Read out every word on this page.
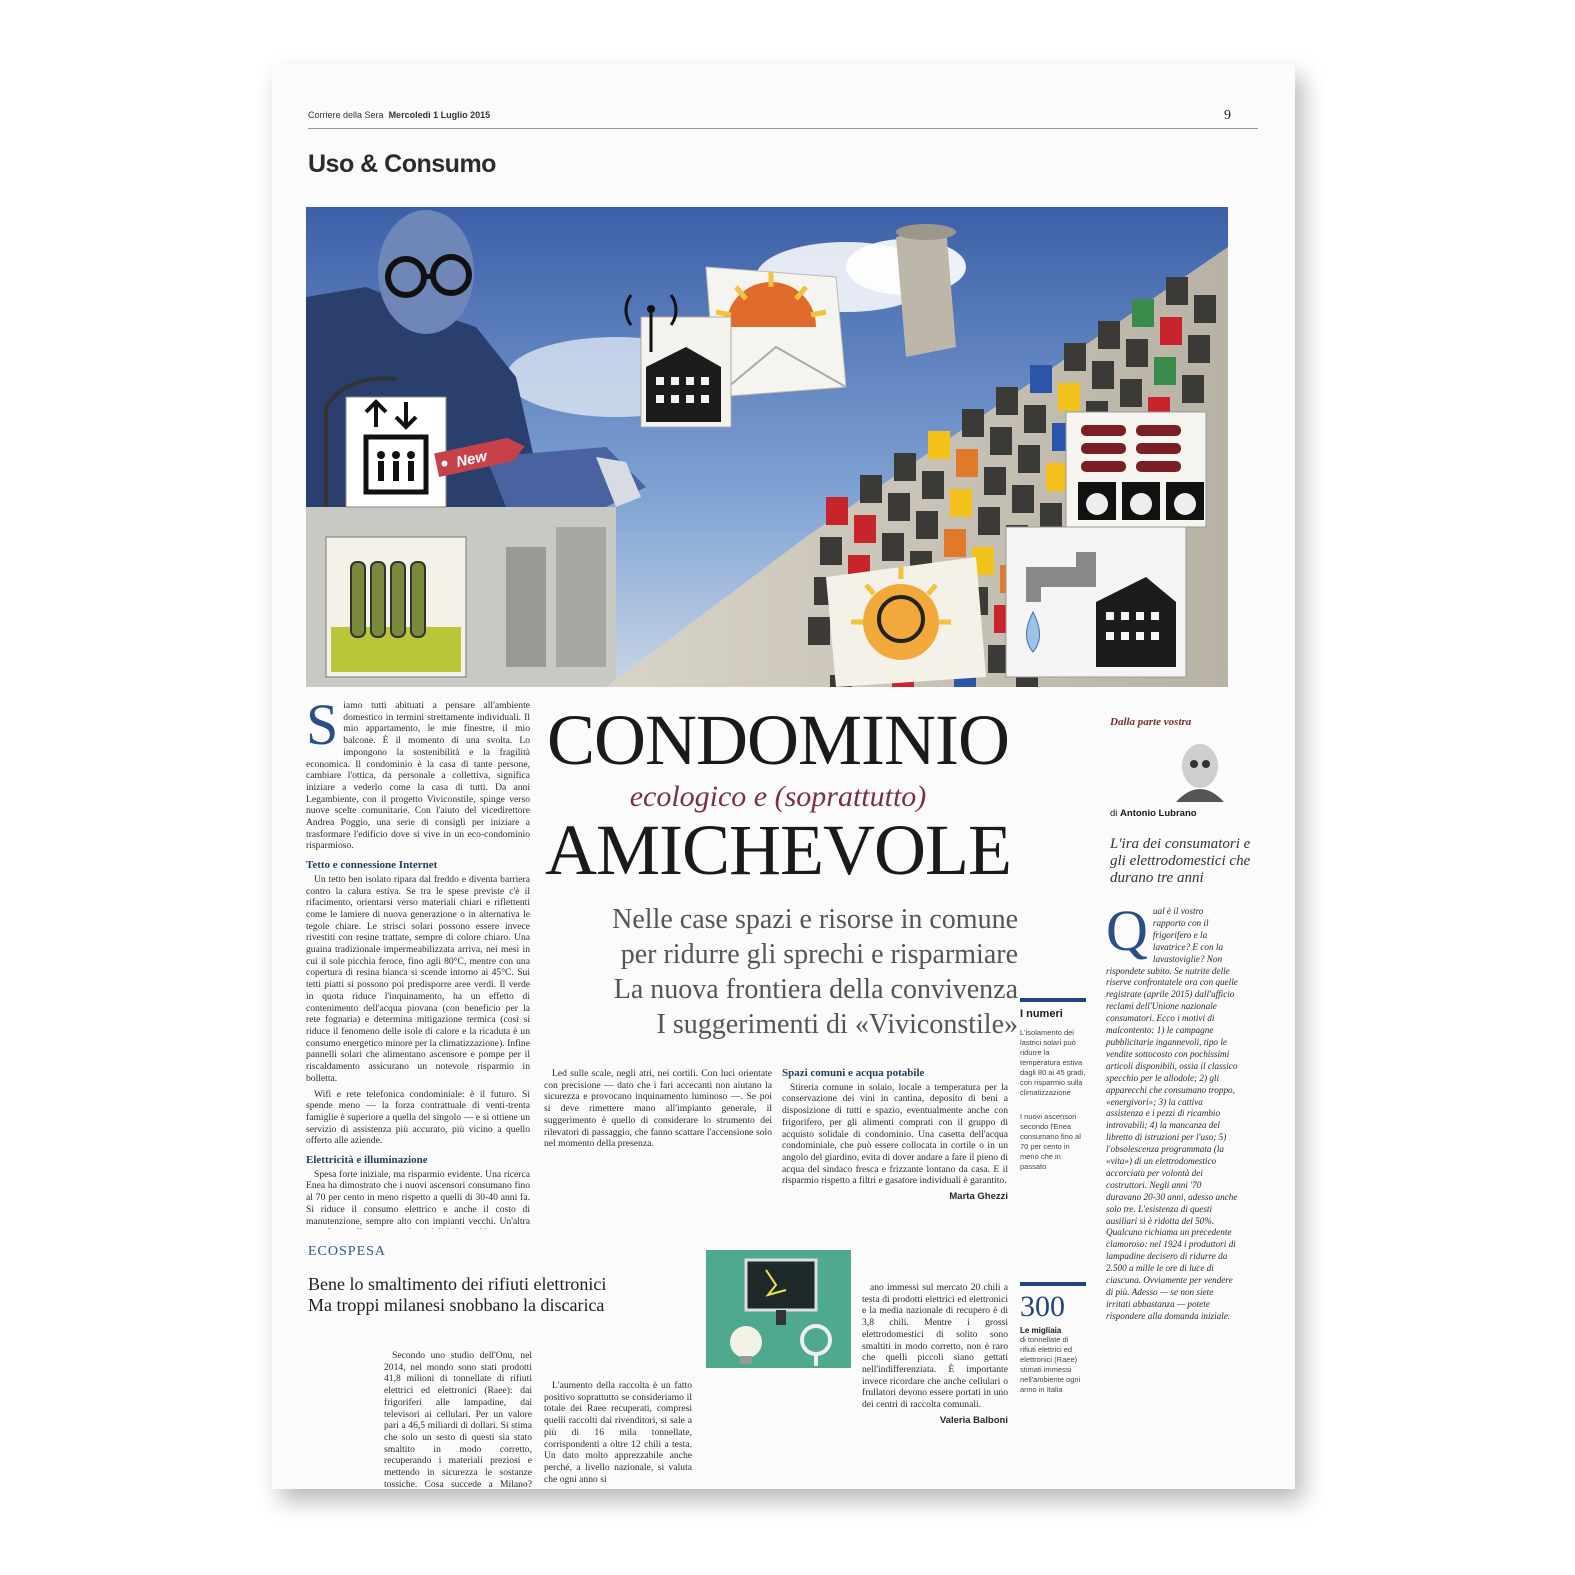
Corriere della Sera Mercoledì 1 Luglio 2015	9
Uso & Consumo
New
S iamo tutti abituati a pensare all'ambiente domestico in termini strettamente individuali. Il mio appartamento, le mie finestre, il mio balcone. È il momento di una svolta. Lo impongono la sostenibilità e la fragilità economica. Il condominio è la casa di tante persone, cambiare l'ottica, da personale a collettiva, significa iniziare a vederlo come la casa di tutti. Da anni Legambiente, con il progetto Viviconstile, spinge verso nuove scelte comunitarie. Con l'aiuto del vicedirettore Andrea Poggio, una serie di consigli per iniziare a trasformare l'edificio dove si vive in un eco-condominio risparmioso.
Tetto e connessione Internet

Un tetto ben isolato ripara dal freddo e diventa barriera contro la calura estiva. Se tra le spese previste c'è il rifacimento, orientarsi verso materiali chiari e riflettenti come le lamiere di nuova generazione o in alternativa le tegole chiare. Le strisci solari possono essere invece rivestiti con resine trattate, sempre di colore chiaro. Una guaina tradizionale impermeabilizzata arriva, nei mesi in cui il sole picchia feroce, fino agli 80°C, mentre con una copertura di resina bianca si scende intorno ai 45°C. Sui tetti piatti si possono poi predisporre aree verdi. Il verde in quota riduce l'inquinamento, ha un effetto di contenimento dell'acqua piovana (con beneficio per la rete fognaria) e determina mitigazione termica (così si riduce il fenomeno delle isole di calore e la ricaduta è un consumo energetico minore per la climatizzazione). Infine pannelli solari che alimentano ascensore e pompe per il riscaldamento assicurano un notevole risparmio in bolletta.

Wifi e rete telefonica condominiale: è il futuro. Si spende meno — la forza contrattuale di venti-trenta famiglie è superiore a quella del singolo — e si ottiene un servizio di assistenza più accurato, più vicino a quello offerto alle aziende.

Elettricità e illuminazione

Spesa forte iniziale, ma risparmio evidente. Una ricerca Enea ha dimostrato che i nuovi ascensori consumano fino al 70 per cento in meno rispetto a quelli di 30-40 anni fa. Si riduce il consumo elettrico e anche il costo di manutenzione, sempre alto con impianti vecchi. Un'altra

CONDOMINIO
ecologico e (soprattutto)
AMICHEVOLE
Nelle case spazi e risorse in comune
per ridurre gli sprechi e risparmiare
La nuova frontiera della convivenza
I suggerimenti di «Viviconstile»

Led sulle scale, negli atri, nei cortili. Con luci orientate con precisione — dato che i fari accecanti non aiutano la sicurezza e provocano inquinamento luminoso —. Se poi si deve rimettere mano all'impianto generale, il suggerimento è quello di considerare lo strumento dei rilevatori di passaggio, che fanno scattare l'accensione solo nel momento della presenza.

Spazi comuni e acqua potabile

Stireria comune in solaio, locale a temperatura per la conservazione dei vini in cantina, deposito di beni a disposizione di tutti e spazio, eventualmente anche con frigorifero, per gli alimenti comprati con il gruppo di acquisto solidale di condominio. Una casetta dell'acqua condominiale, che può essere collocata in cortile o in un angolo del giardino, evita di dover andare a fare il pieno di acqua del sindaco fresca e frizzante lontano da casa. E il risparmio rispetto a filtri e gasatore individuali è garantito.

Marta Ghezzi
I numeri
L'isolamento dei lastrici solari può ridurre la temperatura estiva dagli 80 ai 45 gradi, con risparmio sulla climatizzazione
I nuovi ascensori secondo l'Enea consumano fino al 70 per cento in meno che in passato
Dalla parte vostra
di Antonio Lubrano
L'ira dei consumatori e gli elettrodomestici che durano tre anni
Q ual è il vostro rapporto con il frigorifero e la lavatrice? E con la lavastoviglie? Non rispondete subito. Se nutrite delle riserve confrontatele ora con quelle registrate (aprile 2015) dall'ufficio reclami dell'Unione nazionale consumatori. Ecco i motivi di malcontento: 1) le campagne pubblicitarie ingannevoli, tipo le vendite sottocosto con pochissimi articoli disponibili, ossia il classico specchio per le allodole; 2) gli apparecchi che consumano troppo, «energivori»; 3) la cattiva assistenza e i pezzi di ricambio introvabili; 4) la mancanza del libretto di istruzioni per l'uso; 5) l'obsolescenza programmata (la «vita») di un elettrodomestico accorciata per volontà dei costruttori. Negli anni '70 duravano 20-30 anni, adesso anche solo tre. L'esistenza di questi ausiliari si è ridotta del 50%. Qualcuno richiama un precedente clamoroso: nel 1924 i produttori di lampadine decisero di ridurre da 2.500 a mille le ore di luce di ciascuna. Ovviamente per vendere di più. Adesso — se non siete irritati abbastanza — potete rispondere alla domanda iniziale.
ECOSPESA
Bene lo smaltimento dei rifiuti elettronici
Ma troppi milanesi snobbano la discarica

Secondo uno studio dell'Onu, nel 2014, nel mondo sono stati prodotti 41,8 milioni di tonnellate di rifiuti elettrici ed elettronici (Raee): dai frigoriferi alle lampadine, dai televisori ai cellulari. Per un valore pari a 46,5 miliardi di dollari. Si stima che solo un sesto di questi sia stato smaltito in modo corretto, recuperando i materiali preziosi e mettendo in sicurezza le sostanze tossiche. Cosa succede a Milano?

L'aumento della raccolta è un fatto positivo soprattutto se consideriamo il totale dei Raee recuperati, compresi quelli raccolti dai rivenditori, si sale a più di 16 mila tonnellate, corrispondenti a oltre 12 chili a testa. Un dato molto apprezzabile anche perché, a livello nazionale, si valuta che ogni anno si

ano immessi sul mercato 20 chili a testa di prodotti elettrici ed elettronici e la media nazionale di recupero è di 3,8 chili. Mentre i grossi elettrodomestici di solito sono smaltiti in modo corretto, non è raro che quelli piccoli siano gettati nell'indifferenziata. È importante invece ricordare che anche cellulari o frullatori devono essere portati in uno dei centri di raccolta comunali.

Valeria Balboni
300
Le migliaia
di tonnellate di rifiuti elettrici ed elettronici (Raee) stimati immessi nell'ambiente ogni anno in Italia
